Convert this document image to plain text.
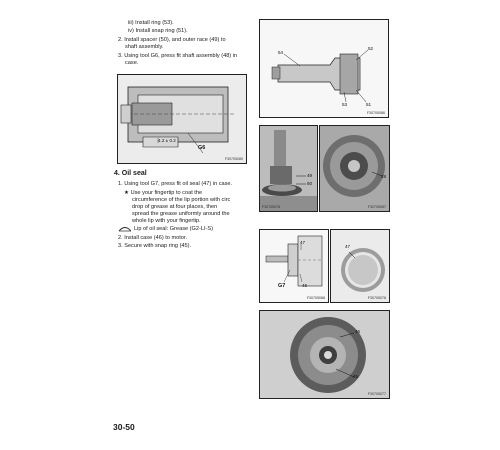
iii) Install ring (53).
iv) Install snap ring (51).
2. Install spacer (50), and outer race (49) to
shaft assembly.
3. Using tool G6, press fit shaft assembly (48) in
case.
4.2 ± 0.2
G6
F30705080
4. Oil seal
1. Using tool G7, press fit oil seal (47) in case.
★ Use your fingertip to coat the
circumference of the lip portion with circ
drop of grease at four places, then
spread the grease uniformly around the
whole lip with your fingertip.
Lip of oil seal: Grease (G2-LI-S)
2. Install case (46) to motor.
3. Secure with snap ring (45).
54
52
53	51
F30705086
49
50
F30705078
48
F30705087
47
G7	46
F30705088
47
F30705078
46
45
F30705077
30-50
